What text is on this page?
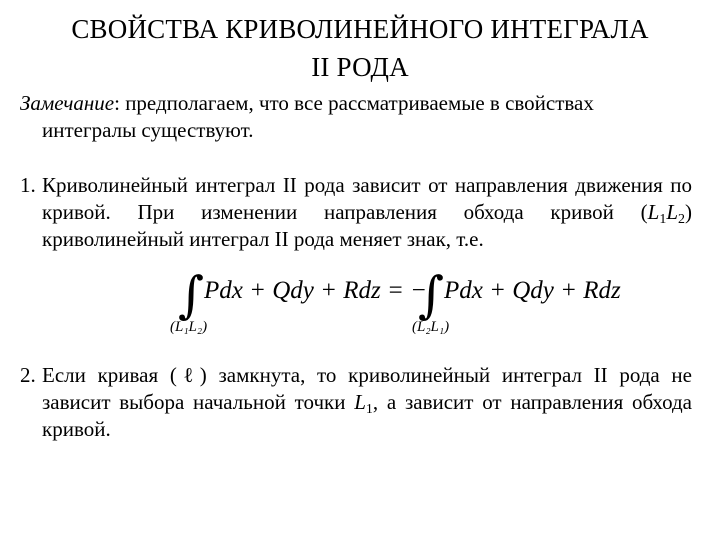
СВОЙСТВА КРИВОЛИНЕЙНОГО ИНТЕГРАЛА
II РОДА
Замечание: предполагаем, что все рассматриваемые в свойствах
интегралы существуют.
1. Криволинейный интеграл II рода зависит от направления движения по кривой. При изменении направления обхода кривой $(L_1L_2)$ криволинейный интеграл II рода меняет знак, т.е.
∫ Pdx + Qdy + Rdz = −
∫ Pdx + Qdy + Rdz
(L₁L₂)	(L₂L₁)
2. Если кривая (ℓ) замкнута, то криволинейный интеграл II рода не зависит выбора начальной точки $L_1$, а зависит от направления обхода кривой.
